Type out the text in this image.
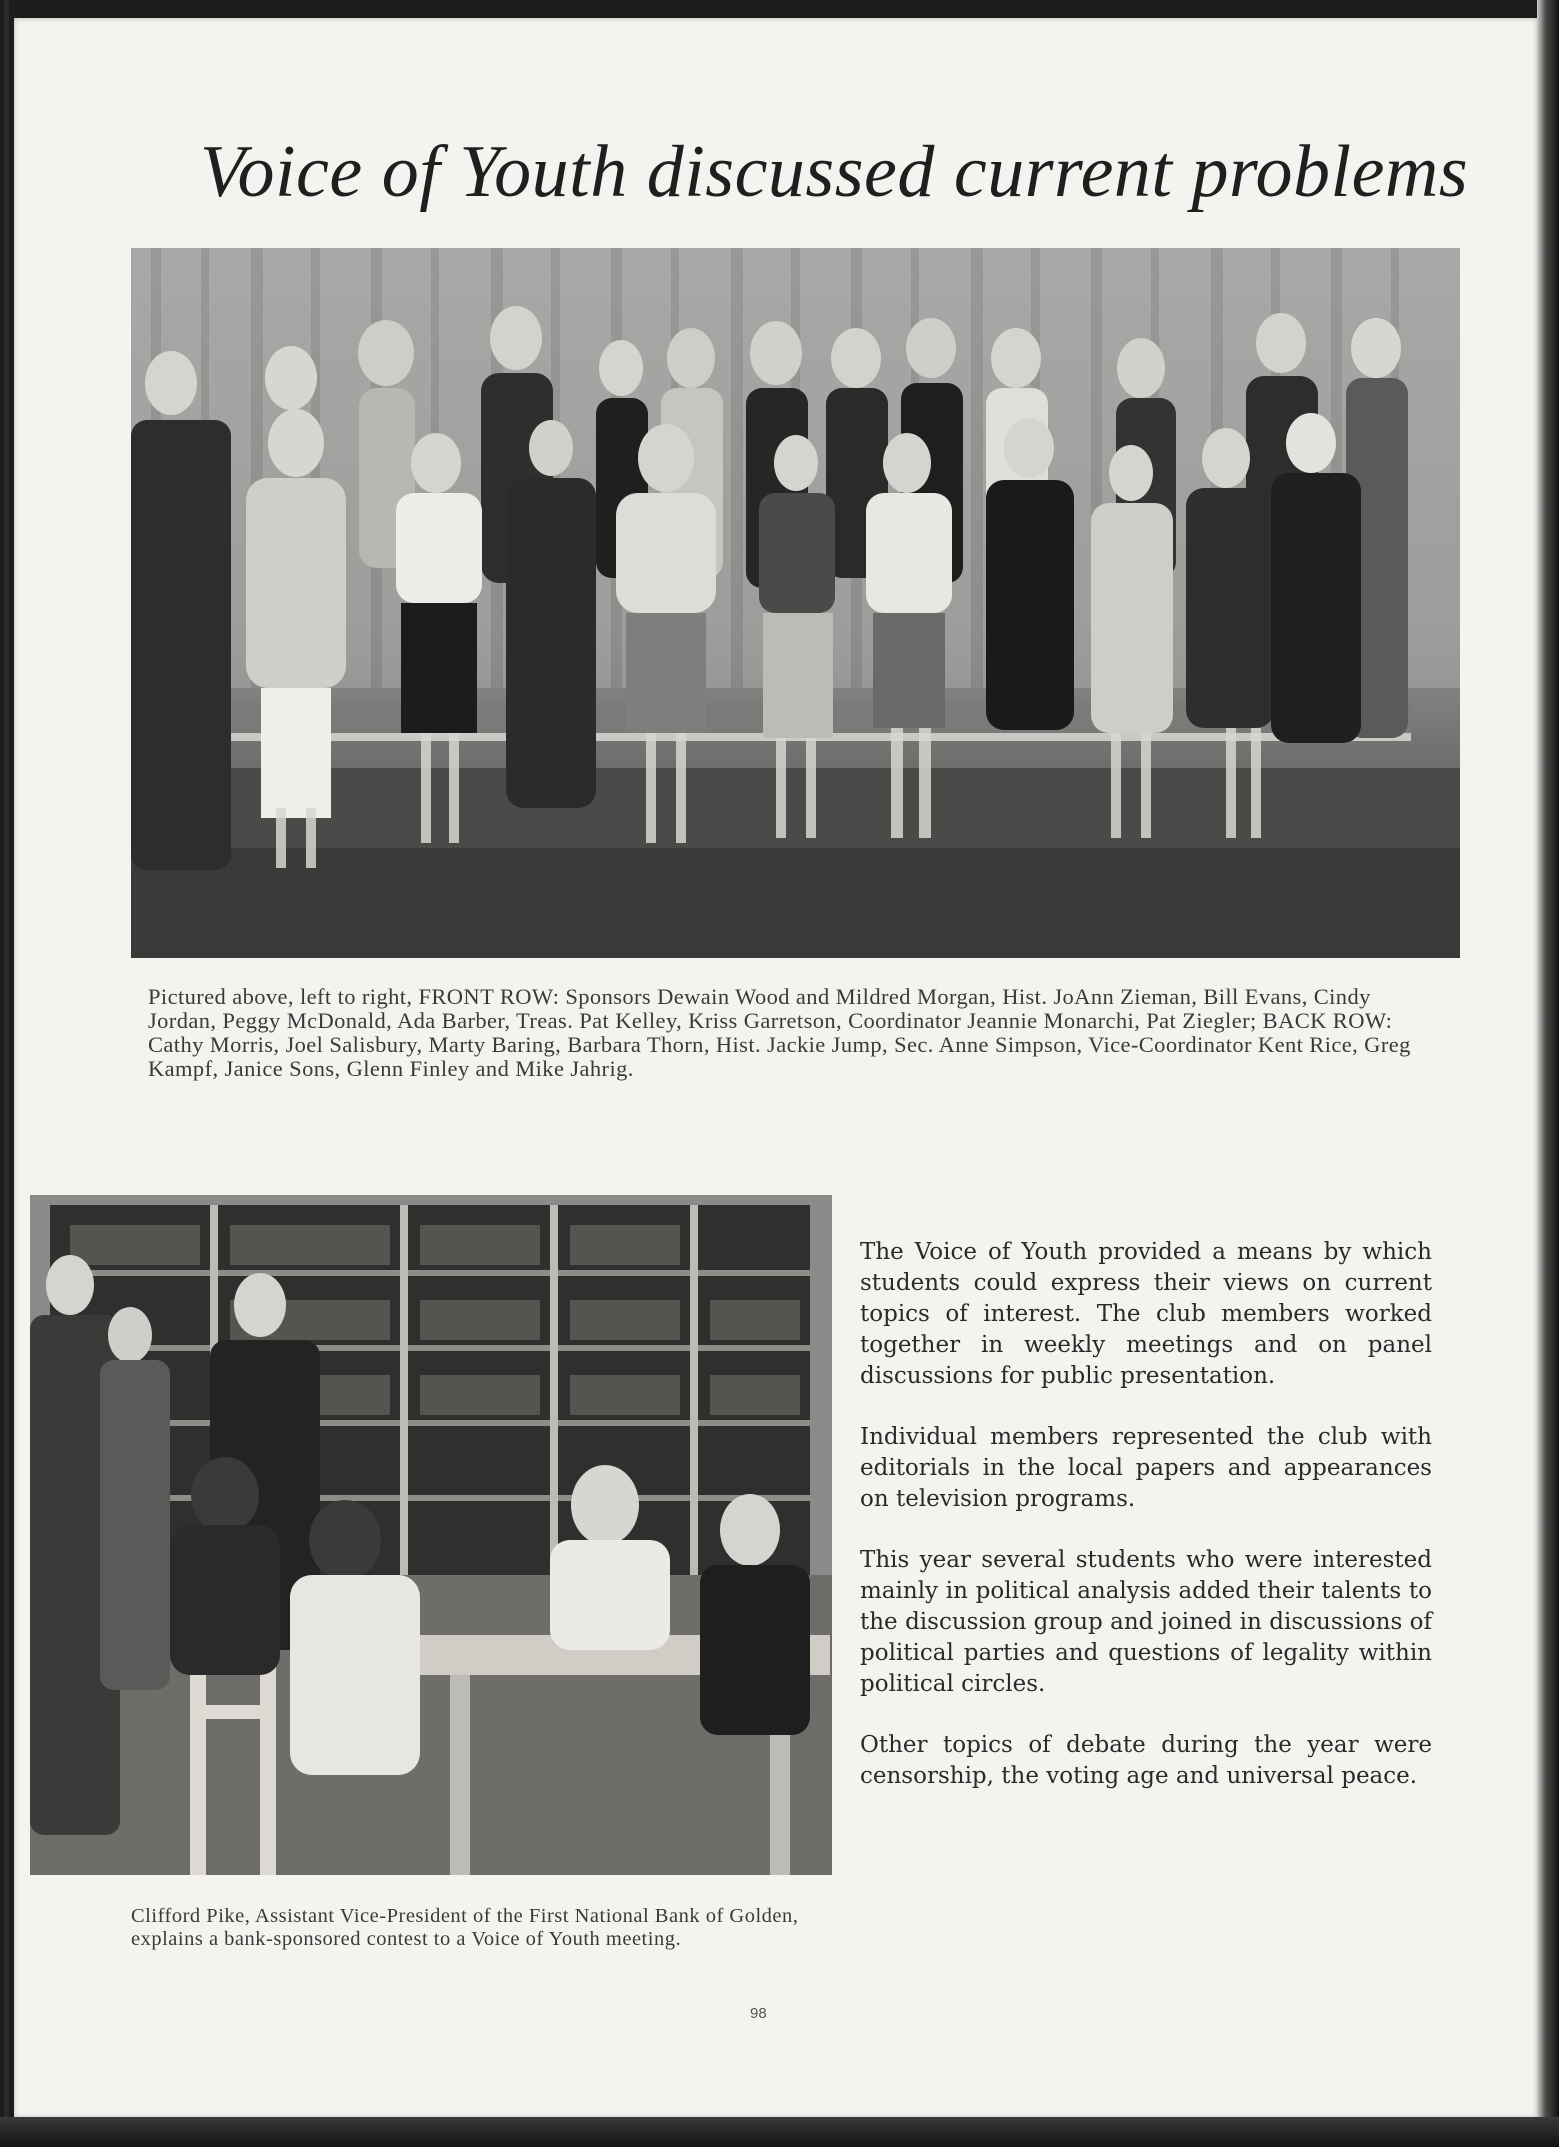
Voice of Youth discussed current problems

Pictured above, left to right, FRONT ROW: Sponsors Dewain Wood and Mildred Morgan, Hist. JoAnn Zieman, Bill Evans, Cindy Jordan, Peggy McDonald, Ada Barber, Treas. Pat Kelley, Kriss Garretson, Coordinator Jeannie Monarchi, Pat Ziegler; BACK ROW: Cathy Morris, Joel Salisbury, Marty Baring, Barbara Thorn, Hist. Jackie Jump, Sec. Anne Simpson, Vice-Coordinator Kent Rice, Greg Kampf, Janice Sons, Glenn Finley and Mike Jahrig.

Clifford Pike, Assistant Vice-President of the First National Bank of Golden, explains a bank-sponsored contest to a Voice of Youth meeting.

The Voice of Youth provided a means by which students could express their views on current topics of interest. The club members worked together in weekly meetings and on panel discussions for public presentation.

Individual members represented the club with editorials in the local papers and appearances on television programs.

This year several students who were interested mainly in political analysis added their talents to the discussion group and joined in discussions of political parties and questions of legality within political circles.

Other topics of debate during the year were censorship, the voting age and universal peace.

98
